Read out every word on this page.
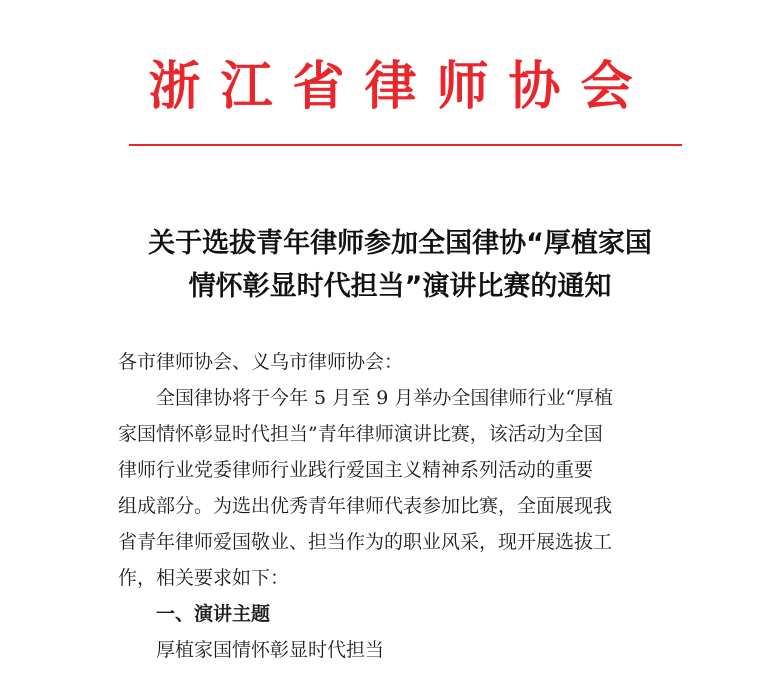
浙江省律师协会
关于选拔青年律师参加全国律协“厚植家国
情怀彰显时代担当”演讲比赛的通知
各市律师协会、义乌市律师协会：
全国律协将于今年 5 月至 9 月举办全国律师行业“厚植
家国情怀彰显时代担当”青年律师演讲比赛，该活动为全国
律师行业党委律师行业践行爱国主义精神系列活动的重要
组成部分。为选出优秀青年律师代表参加比赛，全面展现我
省青年律师爱国敬业、担当作为的职业风采，现开展选拔工
作，相关要求如下：
一、演讲主题
厚植家国情怀彰显时代担当
